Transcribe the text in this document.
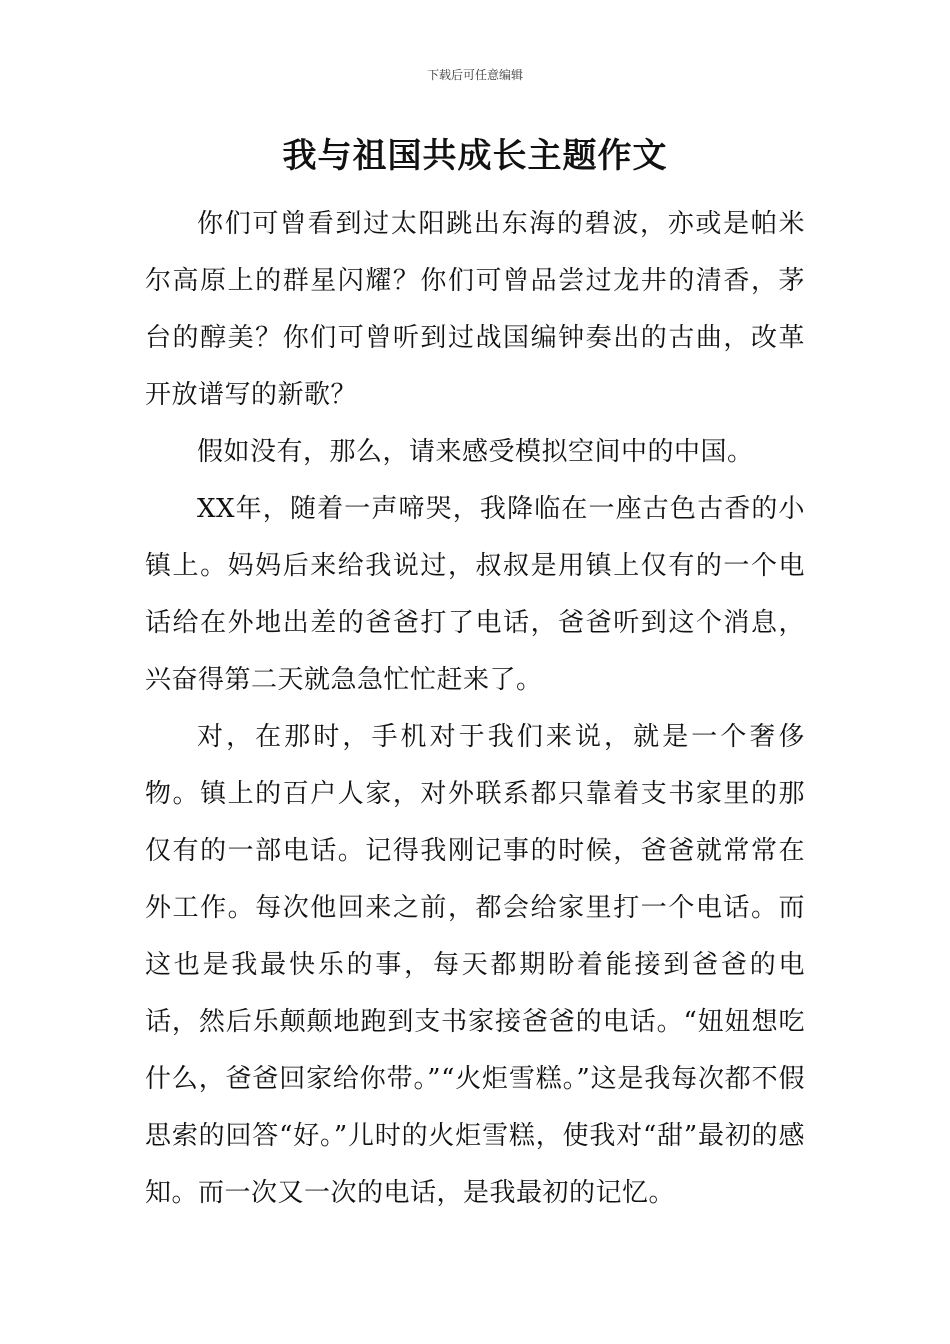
下载后可任意编辑
我与祖国共成长主题作文

你们可曾看到过太阳跳出东海的碧波，亦或是帕米尔高原上的群星闪耀？你们可曾品尝过龙井的清香，茅台的醇美？你们可曾听到过战国编钟奏出的古曲，改革开放谱写的新歌？

假如没有，那么，请来感受模拟空间中的中国。

XX年，随着一声啼哭，我降临在一座古色古香的小镇上。妈妈后来给我说过，叔叔是用镇上仅有的一个电话给在外地出差的爸爸打了电话，爸爸听到这个消息，兴奋得第二天就急急忙忙赶来了。

对，在那时，手机对于我们来说，就是一个奢侈物。镇上的百户人家，对外联系都只靠着支书家里的那仅有的一部电话。记得我刚记事的时候，爸爸就常常在外工作。每次他回来之前，都会给家里打一个电话。而这也是我最快乐的事，每天都期盼着能接到爸爸的电话，然后乐颠颠地跑到支书家接爸爸的电话。“妞妞想吃什么，爸爸回家给你带。”“火炬雪糕。”这是我每次都不假思索的回答“好。”儿时的火炬雪糕，使我对“甜”最初的感知。而一次又一次的电话，是我最初的记忆。
